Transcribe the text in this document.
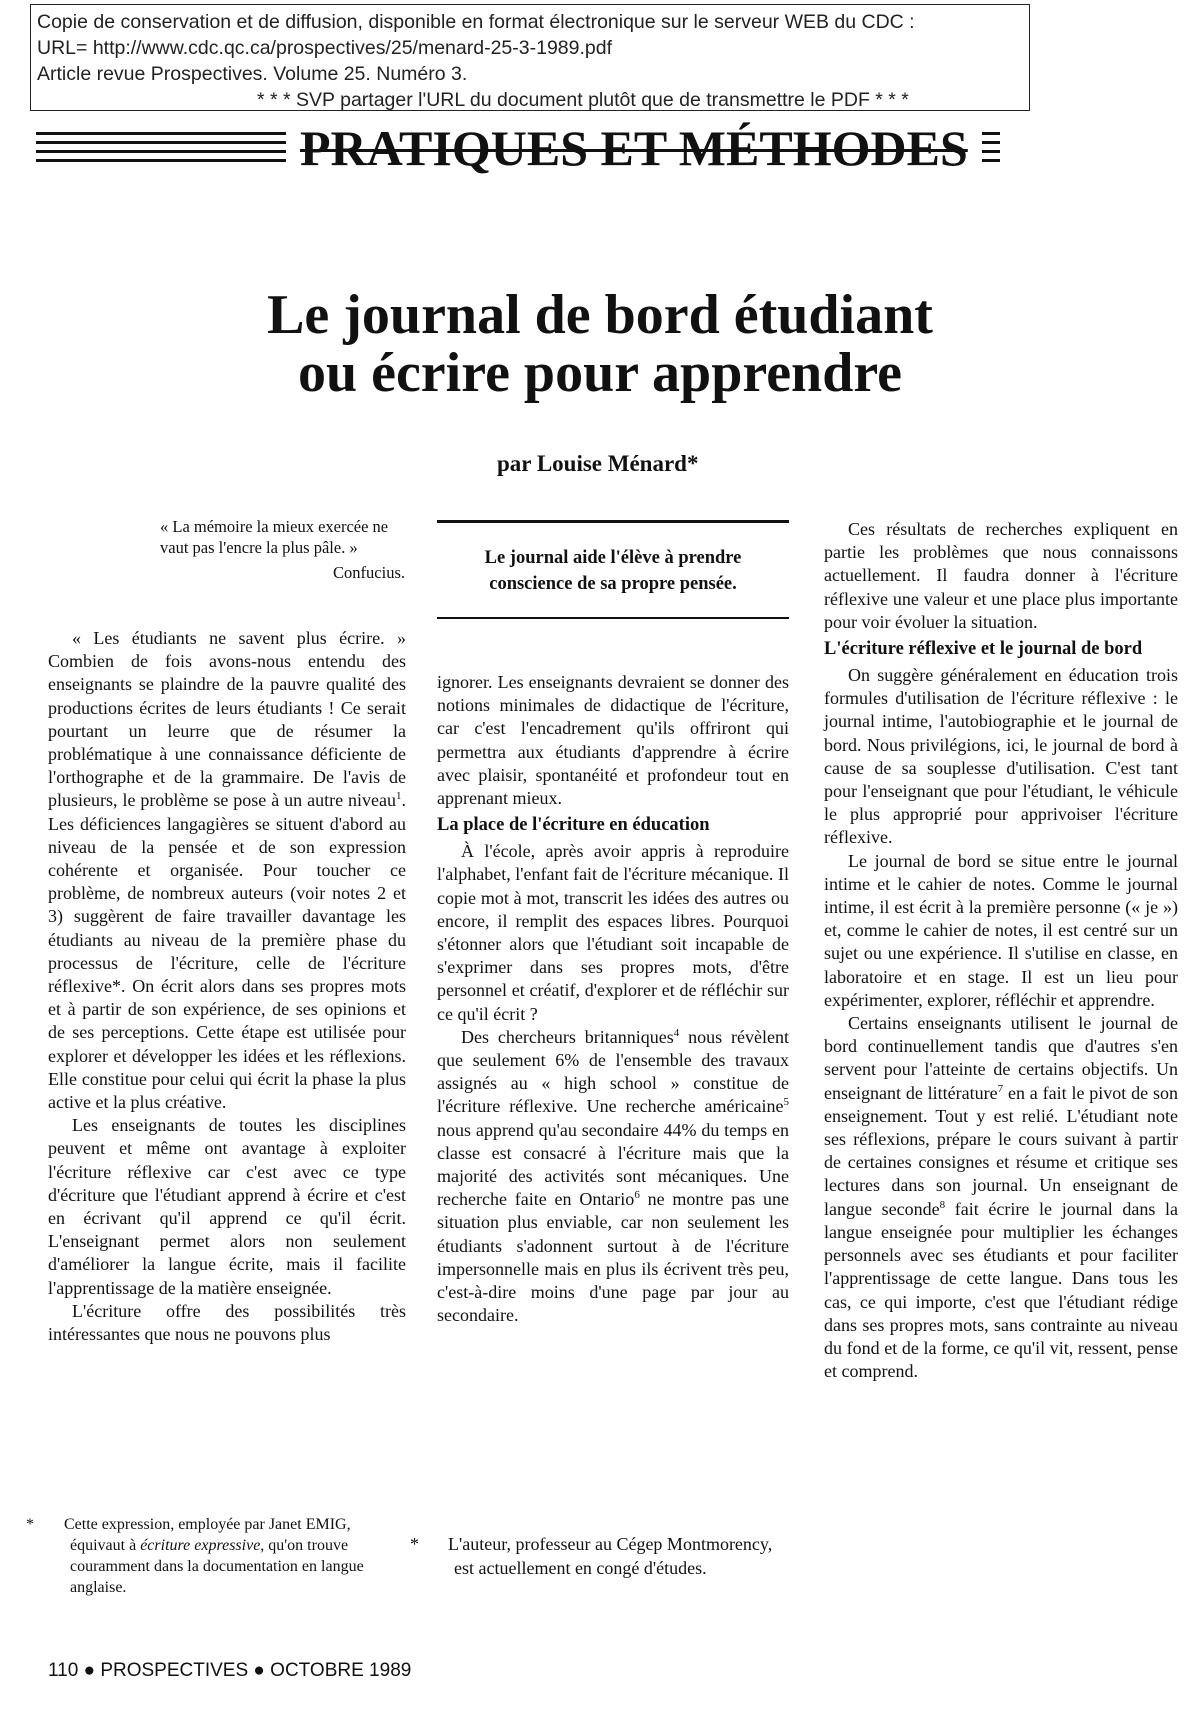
Copie de conservation et de diffusion, disponible en format électronique sur le serveur WEB du CDC :
URL= http://www.cdc.qc.ca/prospectives/25/menard-25-3-1989.pdf
Article revue Prospectives. Volume 25. Numéro 3.
* * * SVP partager l'URL du document plutôt que de transmettre le PDF * * *
PRATIQUES ET MÉTHODES
Le journal de bord étudiant
ou écrire pour apprendre
par Louise Ménard*
« La mémoire la mieux exercée ne vaut pas l'encre la plus pâle. »
Confucius.

« Les étudiants ne savent plus écrire. » Combien de fois avons-nous entendu des enseignants se plaindre de la pauvre qualité des productions écrites de leurs étudiants ! Ce serait pourtant un leurre que de résumer la problématique à une connaissance déficiente de l'orthographe et de la grammaire. De l'avis de plusieurs, le problème se pose à un autre niveau$^1$. Les déficiences langagières se situent d'abord au niveau de la pensée et de son expression cohérente et organisée. Pour toucher ce problème, de nombreux auteurs (voir notes 2 et 3) suggèrent de faire travailler davantage les étudiants au niveau de la première phase du processus de l'écriture, celle de l'écriture réflexive*. On écrit alors dans ses propres mots et à partir de son expérience, de ses opinions et de ses perceptions. Cette étape est utilisée pour explorer et développer les idées et les réflexions. Elle constitue pour celui qui écrit la phase la plus active et la plus créative.

Les enseignants de toutes les disciplines peuvent et même ont avantage à exploiter l'écriture réflexive car c'est avec ce type d'écriture que l'étudiant apprend à écrire et c'est en écrivant qu'il apprend ce qu'il écrit. L'enseignant permet alors non seulement d'améliorer la langue écrite, mais il facilite l'apprentissage de la matière enseignée.

L'écriture offre des possibilités très intéressantes que nous ne pouvons plus

Le journal aide l'élève à prendre conscience de sa propre pensée.

ignorer. Les enseignants devraient se donner des notions minimales de didactique de l'écriture, car c'est l'encadrement qu'ils offriront qui permettra aux étudiants d'apprendre à écrire avec plaisir, spontanéité et profondeur tout en apprenant mieux.

La place de l'écriture en éducation

À l'école, après avoir appris à reproduire l'alphabet, l'enfant fait de l'écriture mécanique. Il copie mot à mot, transcrit les idées des autres ou encore, il remplit des espaces libres. Pourquoi s'étonner alors que l'étudiant soit incapable de s'exprimer dans ses propres mots, d'être personnel et créatif, d'explorer et de réfléchir sur ce qu'il écrit ?

Des chercheurs britanniques$^4$ nous révèlent que seulement 6% de l'ensemble des travaux assignés au « high school » constitue de l'écriture réflexive. Une recherche américaine$^5$ nous apprend qu'au secondaire 44% du temps en classe est consacré à l'écriture mais que la majorité des activités sont mécaniques. Une recherche faite en Ontario$^6$ ne montre pas une situation plus enviable, car non seulement les étudiants s'adonnent surtout à de l'écriture impersonnelle mais en plus ils écrivent très peu, c'est-à-dire moins d'une page par jour au secondaire.

Ces résultats de recherches expliquent en partie les problèmes que nous connaissons actuellement. Il faudra donner à l'écriture réflexive une valeur et une place plus importante pour voir évoluer la situation.

L'écriture réflexive et le journal de bord

On suggère généralement en éducation trois formules d'utilisation de l'écriture réflexive : le journal intime, l'autobiographie et le journal de bord. Nous privilégions, ici, le journal de bord à cause de sa souplesse d'utilisation. C'est tant pour l'enseignant que pour l'étudiant, le véhicule le plus approprié pour apprivoiser l'écriture réflexive.

Le journal de bord se situe entre le journal intime et le cahier de notes. Comme le journal intime, il est écrit à la première personne (« je ») et, comme le cahier de notes, il est centré sur un sujet ou une expérience. Il s'utilise en classe, en laboratoire et en stage. Il est un lieu pour expérimenter, explorer, réfléchir et apprendre.

Certains enseignants utilisent le journal de bord continuellement tandis que d'autres s'en servent pour l'atteinte de certains objectifs. Un enseignant de littérature$^7$ en a fait le pivot de son enseignement. Tout y est relié. L'étudiant note ses réflexions, prépare le cours suivant à partir de certaines consignes et résume et critique ses lectures dans son journal. Un enseignant de langue seconde$^8$ fait écrire le journal dans la langue enseignée pour multiplier les échanges personnels avec ses étudiants et pour faciliter l'apprentissage de cette langue. Dans tous les cas, ce qui importe, c'est que l'étudiant rédige dans ses propres mots, sans contrainte au niveau du fond et de la forme, ce qu'il vit, ressent, pense et comprend.

* Cette expression, employée par Janet EMIG, équivaut à écriture expressive, qu'on trouve couramment dans la documentation en langue anglaise.
* L'auteur, professeur au Cégep Montmorency, est actuellement en congé d'études.
110 ● PROSPECTIVES ● OCTOBRE 1989
